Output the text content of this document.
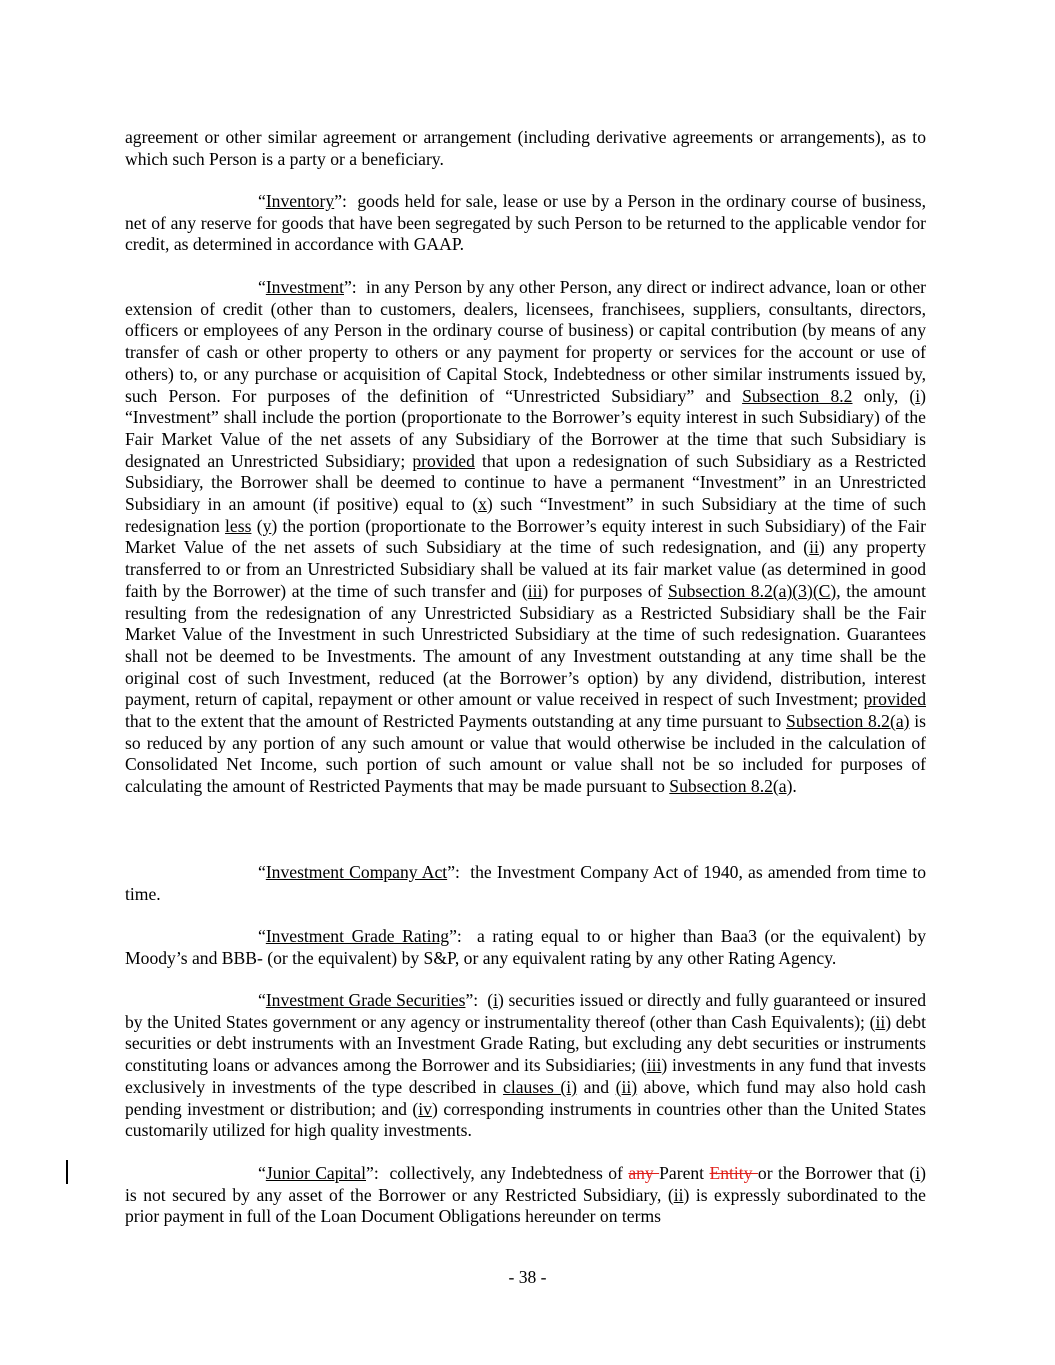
agreement or other similar agreement or arrangement (including derivative agreements or arrangements), as to which such Person is a party or a beneficiary.

“Inventory”:  goods held for sale, lease or use by a Person in the ordinary course of business, net of any reserve for goods that have been segregated by such Person to be returned to the applicable vendor for credit, as determined in accordance with GAAP.

“Investment”:  in any Person by any other Person, any direct or indirect advance, loan or other extension of credit (other than to customers, dealers, licensees, franchisees, suppliers, consultants, directors, officers or employees of any Person in the ordinary course of business) or capital contribution (by means of any transfer of cash or other property to others or any payment for property or services for the account or use of others) to, or any purchase or acquisition of Capital Stock, Indebtedness or other similar instruments issued by, such Person. For purposes of the definition of “Unrestricted Subsidiary” and Subsection 8.2 only, (i) “Investment” shall include the portion (proportionate to the Borrower’s equity interest in such Subsidiary) of the Fair Market Value of the net assets of any Subsidiary of the Borrower at the time that such Subsidiary is designated an Unrestricted Subsidiary; provided that upon a redesignation of such Subsidiary as a Restricted Subsidiary, the Borrower shall be deemed to continue to have a permanent “Investment” in an Unrestricted Subsidiary in an amount (if positive) equal to (x) such “Investment” in such Subsidiary at the time of such redesignation less (y) the portion (proportionate to the Borrower’s equity interest in such Subsidiary) of the Fair Market Value of the net assets of such Subsidiary at the time of such redesignation, and (ii) any property transferred to or from an Unrestricted Subsidiary shall be valued at its fair market value (as determined in good faith by the Borrower) at the time of such transfer and (iii) for purposes of Subsection 8.2(a)(3)(C), the amount resulting from the redesignation of any Unrestricted Subsidiary as a Restricted Subsidiary shall be the Fair Market Value of the Investment in such Unrestricted Subsidiary at the time of such redesignation. Guarantees shall not be deemed to be Investments. The amount of any Investment outstanding at any time shall be the original cost of such Investment, reduced (at the Borrower’s option) by any dividend, distribution, interest payment, return of capital, repayment or other amount or value received in respect of such Investment; provided that to the extent that the amount of Restricted Payments outstanding at any time pursuant to Subsection 8.2(a) is so reduced by any portion of any such amount or value that would otherwise be included in the calculation of Consolidated Net Income, such portion of such amount or value shall not be so included for purposes of calculating the amount of Restricted Payments that may be made pursuant to Subsection 8.2(a).

“Investment Company Act”:  the Investment Company Act of 1940, as amended from time to time.

“Investment Grade Rating”:  a rating equal to or higher than Baa3 (or the equivalent) by Moody’s and BBB- (or the equivalent) by S&P, or any equivalent rating by any other Rating Agency.

“Investment Grade Securities”:  (i) securities issued or directly and fully guaranteed or insured by the United States government or any agency or instrumentality thereof (other than Cash Equivalents); (ii) debt securities or debt instruments with an Investment Grade Rating, but excluding any debt securities or instruments constituting loans or advances among the Borrower and its Subsidiaries; (iii) investments in any fund that invests exclusively in investments of the type described in clauses (i) and (ii) above, which fund may also hold cash pending investment or distribution; and (iv) corresponding instruments in countries other than the United States customarily utilized for high quality investments.

“Junior Capital”:  collectively, any Indebtedness of any Parent Entity or the Borrower that (i) is not secured by any asset of the Borrower or any Restricted Subsidiary, (ii) is expressly subordinated to the prior payment in full of the Loan Document Obligations hereunder on terms

- 38 -
